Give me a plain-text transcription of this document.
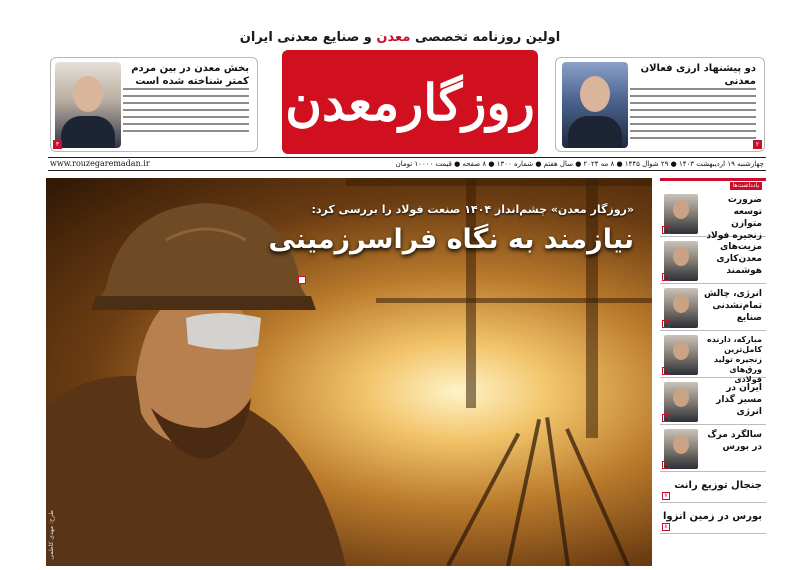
اولین روزنامه تخصصی معدن و صنایع معدنی ایران
روزگارمعدن
دو پیشنهاد ارزی فعالان معدنی
۲
بخش معدن در بین مردم کمتر شناخته شده است
۴
چهارشنبه ۱۹ اردیبهشت ۱۴۰۳ ● ۲۹ شوال ۱۴۴۵ ● ۸ مه ۲۰۲۴ ● سال هفتم ● شماره ۱۳۰۰ ● ۸ صفحه ● قیمت ۱۰۰۰۰ تومان
www.rouzegaremadan.ir
«روزگار معدن» چشم‌انداز ۱۴۰۴ صنعت فولاد را بررسی کرد:
نیازمند به نگاه فراسرزمینی
طرح: مهدی کاظمی
یادداشت‌ها
ضرورت توسعه متوازن زنجیره فولاد
۲
مزیت‌های معدن‌کاری هوشمند
۳
انرژی، چالش تمام‌نشدنی صنایع
۲
مبارکه، دارنده کامل‌ترین زنجیره تولید ورق‌های فولادی
۲
ایران در مسیر گذار انرژی
۷
سالگرد مرگ در بورس
۸
جنجال توزیع رانت
۷
بورس در زمین انزوا
۸
